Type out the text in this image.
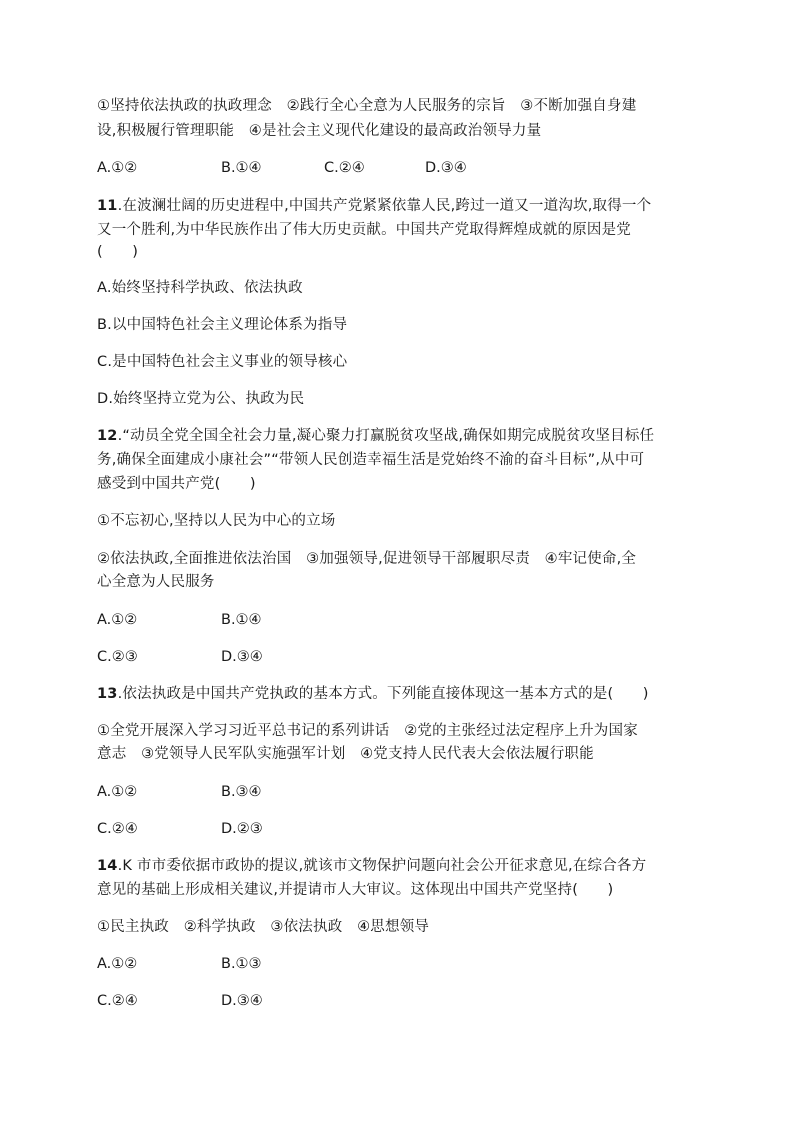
①坚持依法执政的执政理念　②践行全心全意为人民服务的宗旨　③不断加强自身建
设,积极履行管理职能　④是社会主义现代化建设的最高政治领导力量
A.①②	B.①④	C.②④	D.③④
11.在波澜壮阔的历史进程中,中国共产党紧紧依靠人民,跨过一道又一道沟坎,取得一个
又一个胜利,为中华民族作出了伟大历史贡献。中国共产党取得辉煌成就的原因是党
(　　)
A.始终坚持科学执政、依法执政
B.以中国特色社会主义理论体系为指导
C.是中国特色社会主义事业的领导核心
D.始终坚持立党为公、执政为民
12.“动员全党全国全社会力量,凝心聚力打赢脱贫攻坚战,确保如期完成脱贫攻坚目标任
务,确保全面建成小康社会”“带领人民创造幸福生活是党始终不渝的奋斗目标”,从中可
感受到中国共产党(　　)
①不忘初心,坚持以人民为中心的立场
②依法执政,全面推进依法治国　③加强领导,促进领导干部履职尽责　④牢记使命,全
心全意为人民服务
A.①②	B.①④
C.②③	D.③④
13.依法执政是中国共产党执政的基本方式。下列能直接体现这一基本方式的是(　　)
①全党开展深入学习习近平总书记的系列讲话　②党的主张经过法定程序上升为国家
意志　③党领导人民军队实施强军计划　④党支持人民代表大会依法履行职能
A.①②	B.③④
C.②④	D.②③
14.K 市市委依据市政协的提议,就该市文物保护问题向社会公开征求意见,在综合各方
意见的基础上形成相关建议,并提请市人大审议。这体现出中国共产党坚持(　　)
①民主执政　②科学执政　③依法执政　④思想领导
A.①②	B.①③
C.②④	D.③④
